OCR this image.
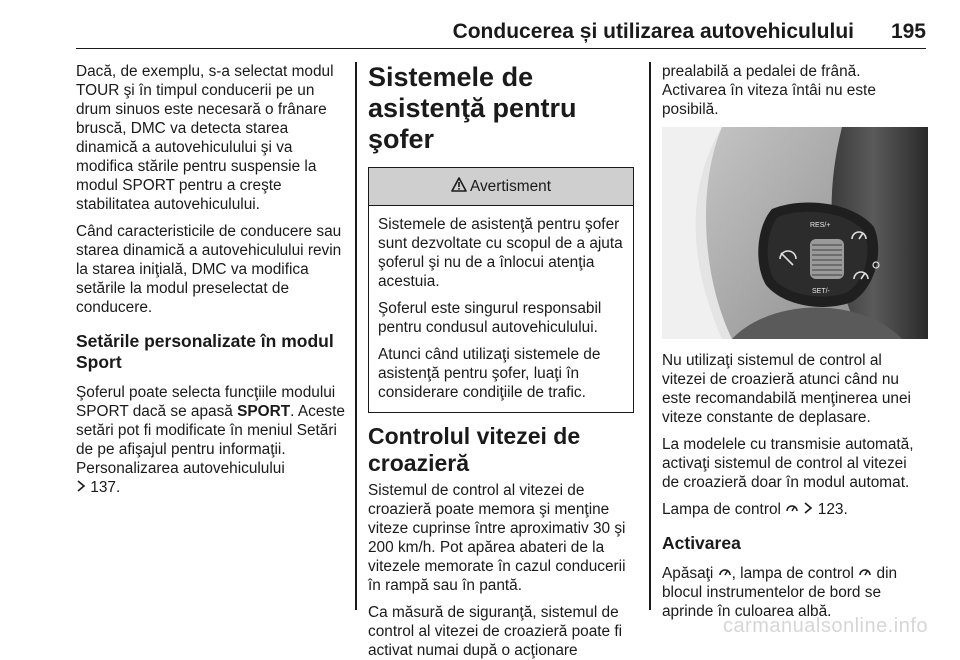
Conducerea și utilizarea autovehiculului 195

Dacă, de exemplu, s-a selectat modul TOUR şi în timpul conducerii pe un drum sinuos este necesară o frânare bruscă, DMC va detecta starea dinamică a autovehiculului şi va modifica stările pentru suspensie la modul SPORT pentru a creşte stabilitatea autovehiculului.

Când caracteristicile de conducere sau starea dinamică a autovehiculului revin la starea iniţială, DMC va modifica setările la modul preselectat de conducere.

Setările personalizate în modul Sport

Şoferul poate selecta funcţiile modului SPORT dacă se apasă SPORT. Aceste setări pot fi modificate în meniul Setări de pe afişajul pentru informaţii.

Personalizarea autovehiculului
137.

Sistemele de asistenţă pentru şofer
Avertisment

Sistemele de asistenţă pentru şofer sunt dezvoltate cu scopul de a ajuta şoferul şi nu de a înlocui atenţia acestuia.

Şoferul este singurul responsabil pentru condusul autovehiculului.

Atunci când utilizaţi sistemele de asistenţă pentru şofer, luaţi în considerare condiţiile de trafic.

Controlul vitezei de croazieră

Sistemul de control al vitezei de croazieră poate memora şi menţine viteze cuprinse între aproximativ 30 şi 200 km/h. Pot apărea abateri de la vitezele memorate în cazul conducerii în rampă sau în pantă.

Ca măsură de siguranţă, sistemul de control al vitezei de croazieră poate fi activat numai după o acţionare

prealabilă a pedalei de frână. Activarea în viteza întâi nu este posibilă.

RES/+
SET/-

Nu utilizaţi sistemul de control al vitezei de croazieră atunci când nu este recomandabilă menţinerea unei viteze constante de deplasare.

La modelele cu transmisie automată, activaţi sistemul de control al vitezei de croazieră doar în modul automat.

Lampa de control   123.

Activarea

Apăsaţi , lampa de control  din blocul instrumentelor de bord se aprinde în culoarea albă.

carmanualsonline.info
